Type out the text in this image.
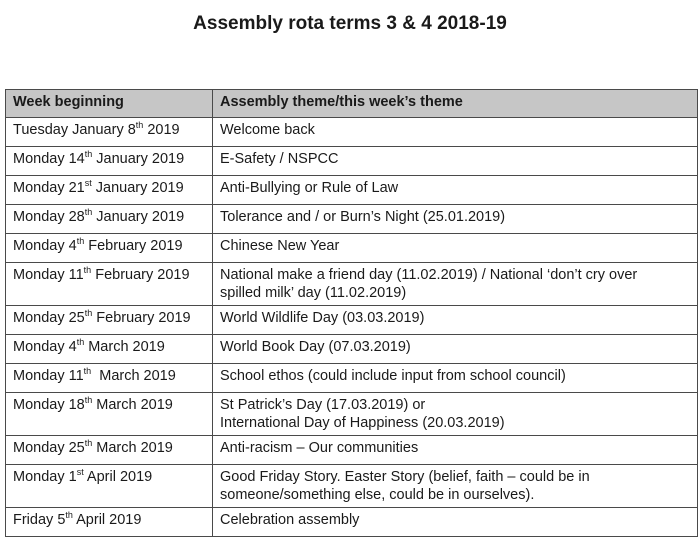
Assembly rota terms 3 & 4 2018-19
Week beginning	Assembly theme/this week’s theme
Tuesday January 8th 2019	Welcome back
Monday 14th January 2019	E-Safety / NSPCC
Monday 21st January 2019	Anti-Bullying or Rule of Law
Monday 28th January 2019	Tolerance and / or Burn’s Night (25.01.2019)
Monday 4th February 2019	Chinese New Year
Monday 11th February 2019	National make a friend day (11.02.2019) / National ‘don’t cry over
spilled milk’ day (11.02.2019)
Monday 25th February 2019	World Wildlife Day (03.03.2019)
Monday 4th March 2019	World Book Day (07.03.2019)
Monday 11th  March 2019	School ethos (could include input from school council)
Monday 18th March 2019	St Patrick’s Day (17.03.2019) or
International Day of Happiness (20.03.2019)
Monday 25th March 2019	Anti-racism – Our communities
Monday 1st April 2019	Good Friday Story. Easter Story (belief, faith – could be in
someone/something else, could be in ourselves).
Friday 5th April 2019	Celebration assembly
